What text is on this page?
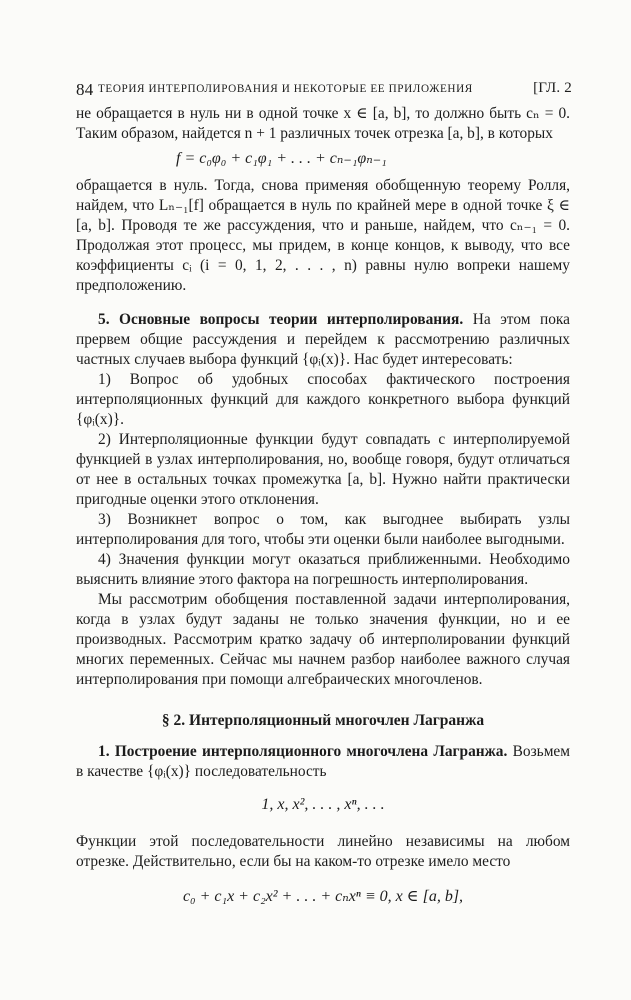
84 ТЕОРИЯ ИНТЕРПОЛИРОВАНИЯ И НЕКОТОРЫЕ ЕЕ ПРИЛОЖЕНИЯ	[ГЛ. 2

не обращается в нуль ни в одной точке x ∈ [a, b], то должно быть cₙ = 0. Таким образом, найдется n + 1 различных точек отрезка [a, b], в которых

f = c₀φ₀ + c₁φ₁ + . . . + cₙ₋₁φₙ₋₁

обращается в нуль. Тогда, снова применяя обобщенную теорему Ролля, найдем, что Lₙ₋₁[f] обращается в нуль по крайней мере в одной точке ξ ∈ [a, b]. Проводя те же рассуждения, что и раньше, найдем, что cₙ₋₁ = 0. Продолжая этот процесс, мы придем, в конце концов, к выводу, что все коэффициенты cᵢ (i = 0, 1, 2, . . . , n) равны нулю вопреки нашему предположению.

5. Основные вопросы теории интерполирования. На этом пока прервем общие рассуждения и перейдем к рассмотрению различных частных случаев выбора функций {φᵢ(x)}. Нас будет интересовать:

1) Вопрос об удобных способах фактического построения интерполяционных функций для каждого конкретного выбора функций {φᵢ(x)}.

2) Интерполяционные функции будут совпадать с интерполируемой функцией в узлах интерполирования, но, вообще говоря, будут отличаться от нее в остальных точках промежутка [a, b]. Нужно найти практически пригодные оценки этого отклонения.

3) Возникнет вопрос о том, как выгоднее выбирать узлы интерполирования для того, чтобы эти оценки были наиболее выгодными.

4) Значения функции могут оказаться приближенными. Необходимо выяснить влияние этого фактора на погрешность интерполирования.

Мы рассмотрим обобщения поставленной задачи интерполирования, когда в узлах будут заданы не только значения функции, но и ее производных. Рассмотрим кратко задачу об интерполировании функций многих переменных. Сейчас мы начнем разбор наиболее важного случая интерполирования при помощи алгебраических многочленов.

§ 2. Интерполяционный многочлен Лагранжа

1. Построение интерполяционного многочлена Лагранжа. Возьмем в качестве {φᵢ(x)} последовательность

1, x, x², . . . , xⁿ, . . .

Функции этой последовательности линейно независимы на любом отрезке. Действительно, если бы на каком-то отрезке имело место

c₀ + c₁x + c₂x² + . . . + cₙxⁿ ≡ 0, x ∈ [a, b],
